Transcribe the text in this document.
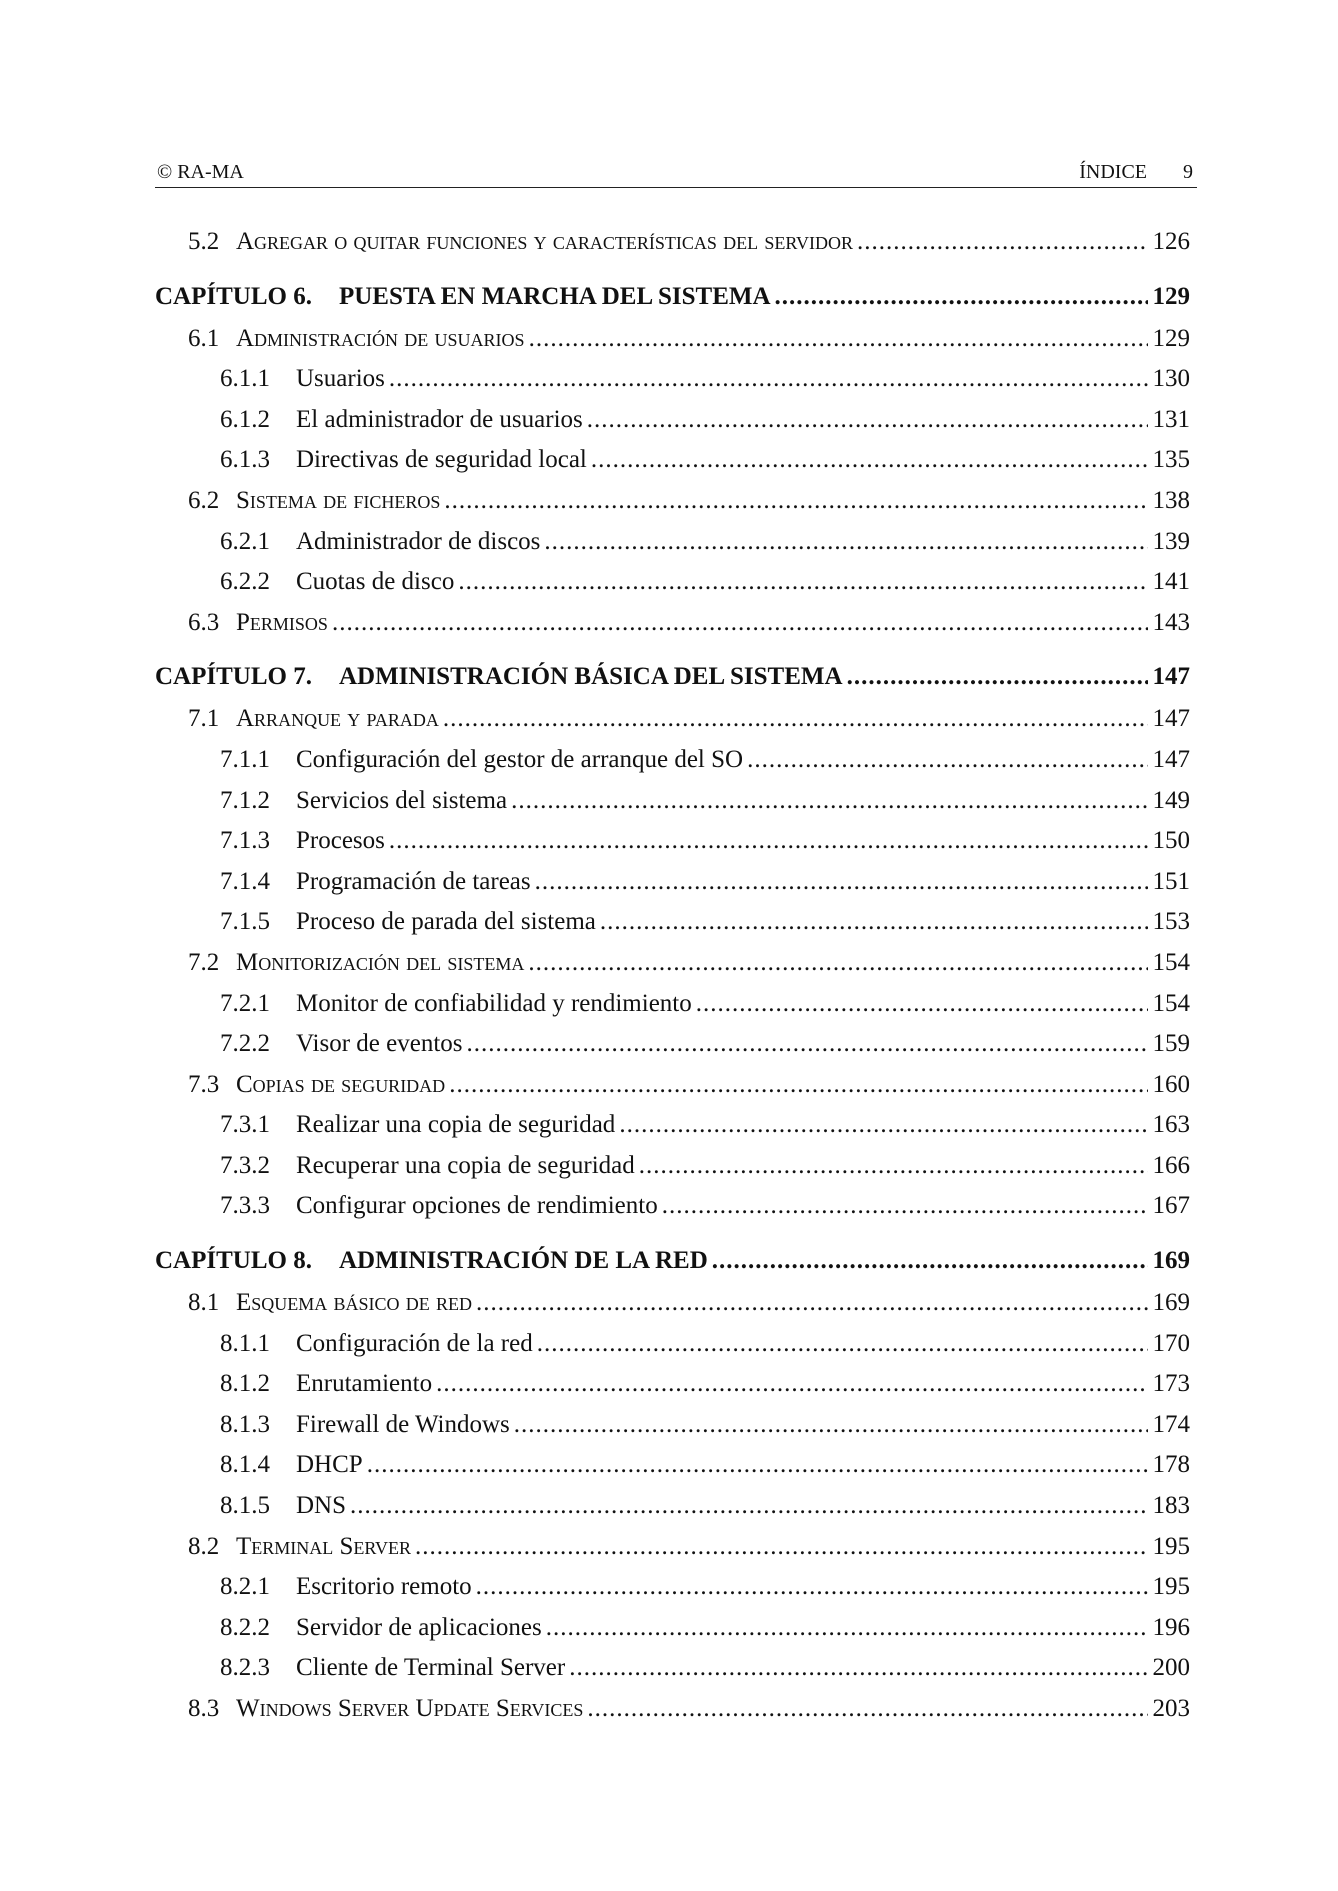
© RA-MA	ÍNDICE 9
5.2 Agregar o quitar funciones y características del servidor .....	126
CAPÍTULO 6.	PUESTA EN MARCHA DEL SISTEMA .....	129
6.1 Administración de usuarios .....	129
6.1.1	Usuarios .....	130
6.1.2	El administrador de usuarios .....	131
6.1.3	Directivas de seguridad local .....	135
6.2 Sistema de ficheros .....	138
6.2.1	Administrador de discos .....	139
6.2.2	Cuotas de disco .....	141
6.3 Permisos .....	143
CAPÍTULO 7.	ADMINISTRACIÓN BÁSICA DEL SISTEMA .....	147
7.1 Arranque y parada .....	147
7.1.1	Configuración del gestor de arranque del SO .....	147
7.1.2	Servicios del sistema .....	149
7.1.3	Procesos .....	150
7.1.4	Programación de tareas .....	151
7.1.5	Proceso de parada del sistema .....	153
7.2 Monitorización del sistema .....	154
7.2.1	Monitor de confiabilidad y rendimiento .....	154
7.2.2	Visor de eventos .....	159
7.3 Copias de seguridad .....	160
7.3.1	Realizar una copia de seguridad .....	163
7.3.2	Recuperar una copia de seguridad .....	166
7.3.3	Configurar opciones de rendimiento .....	167
CAPÍTULO 8.	ADMINISTRACIÓN DE LA RED .....	169
8.1 Esquema básico de red .....	169
8.1.1	Configuración de la red .....	170
8.1.2	Enrutamiento .....	173
8.1.3	Firewall de Windows .....	174
8.1.4	DHCP .....	178
8.1.5	DNS .....	183
8.2 Terminal Server .....	195
8.2.1	Escritorio remoto .....	195
8.2.2	Servidor de aplicaciones .....	196
8.2.3	Cliente de Terminal Server .....	200
8.3 Windows Server Update Services .....	203
